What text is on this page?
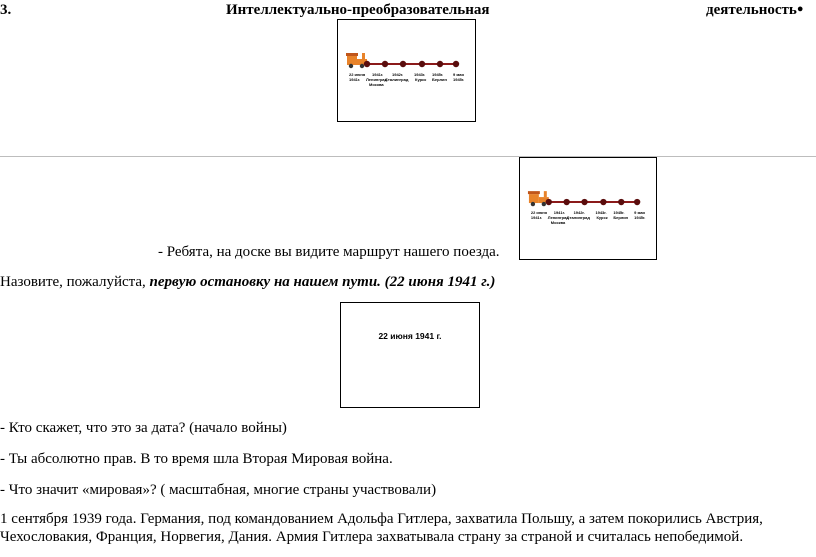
3.	Интеллектуально-преобразовательная	деятельность●
22 июня
1941г.
1941г.
Ленинград
Москва
1942г.
Сталинград
1943г.
Курск
1945г.
Берлин
9 мая
1945г.
22 июня
1941г.
1941г.
Ленинград
Москва
1942г.
Сталинград
1943г.
Курск
1945г.
Берлин
9 мая
1945г.
- Ребята, на доске вы видите маршрут нашего поезда.
Назовите, пожалуйста, первую остановку на нашем пути. (22 июня 1941 г.)
22 июня 1941 г.
- Кто скажет, что это за дата? (начало войны)
- Ты абсолютно прав. В то время шла Вторая Мировая война.
- Что значит «мировая»? ( масштабная, многие страны участвовали)
1 сентября 1939 года. Германия, под командованием Адольфа Гитлера, захватила Польшу, а затем покорились Австрия,
Чехословакия, Франция, Норвегия, Дания. Армия Гитлера захватывала страну за страной и считалась непобедимой.
